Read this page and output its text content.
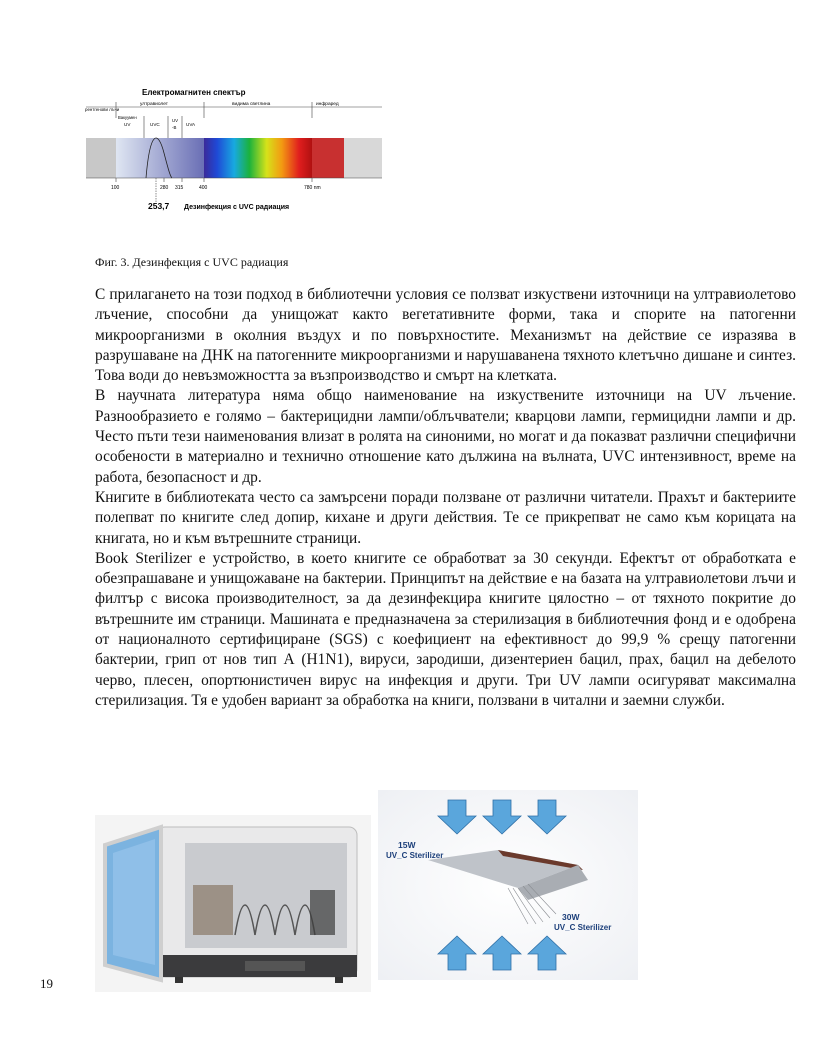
Електромагнитен спектър
рентгенови лъчи
ултравиолет	видима светлина	инфраред
Вакуумен
UV	UVC
UV
-B
UVA
100	280 315	400	780 nm
253,7 Дезинфекция с UVC радиация
Фиг. 3. Дезинфекция с UVC радиация

С прилагането на този подход в библиотечни условия се ползват изкуствени източници на ултравиолетово лъчение, способни да унищожат както вегетативните форми, така и спорите на патогенни микроорганизми в околния въздух и по повърхностите. Механизмът на действие се изразява в разрушаване на ДНК на патогенните микроорганизми и нарушаванена тяхното клетъчно дишане и синтез. Това води до невъзможността за възпроизводство и смърт на клетката.

В научната литература няма общо наименование на изкуствените източници на UV лъчение. Разнообразието е голямо – бактерицидни лампи/облъчватели; кварцови лампи, гермицидни лампи и др. Често пъти тези наименования влизат в ролята на синоними, но могат и да показват различни специфични особености в материално и технично отношение като дължина на вълната, UVC интензивност, време на работа, безопасност и др.

Книгите в библиотеката често са замърсени поради ползване от различни читатели. Прахът и бактериите полепват по книгите след допир, кихане и други действия. Те се прикрепват не само към корицата на книгата, но и към вътрешните страници.

Book Sterilizer е устройство, в което книгите се обработват за 30 секунди. Ефектът от обработката е обезпрашаване и унищожаване на бактерии. Принципът на действие е на базата на ултравиолетови лъчи и филтър с висока производителност, за да дезинфекцира книгите цялостно – от тяхното покритие до вътрешните им страници. Машината е предназначена за стерилизация в библиотечния фонд и е одобрена от националното сертифициране (SGS) с коефициент на ефективност до 99,9 % срещу патогенни бактерии, грип от нов тип А (H1N1), вируси, зародиши, дизентериен бацил, прах, бацил на дебелото черво, плесен, опортюнистичен вирус на инфекция и други. Три UV лампи осигуряват максимална стерилизация. Тя е удобен вариант за обработка на книги, ползвани в читални и заемни служби.

15W
UV_C Sterilizer
30W
UV_C Sterilizer
19
